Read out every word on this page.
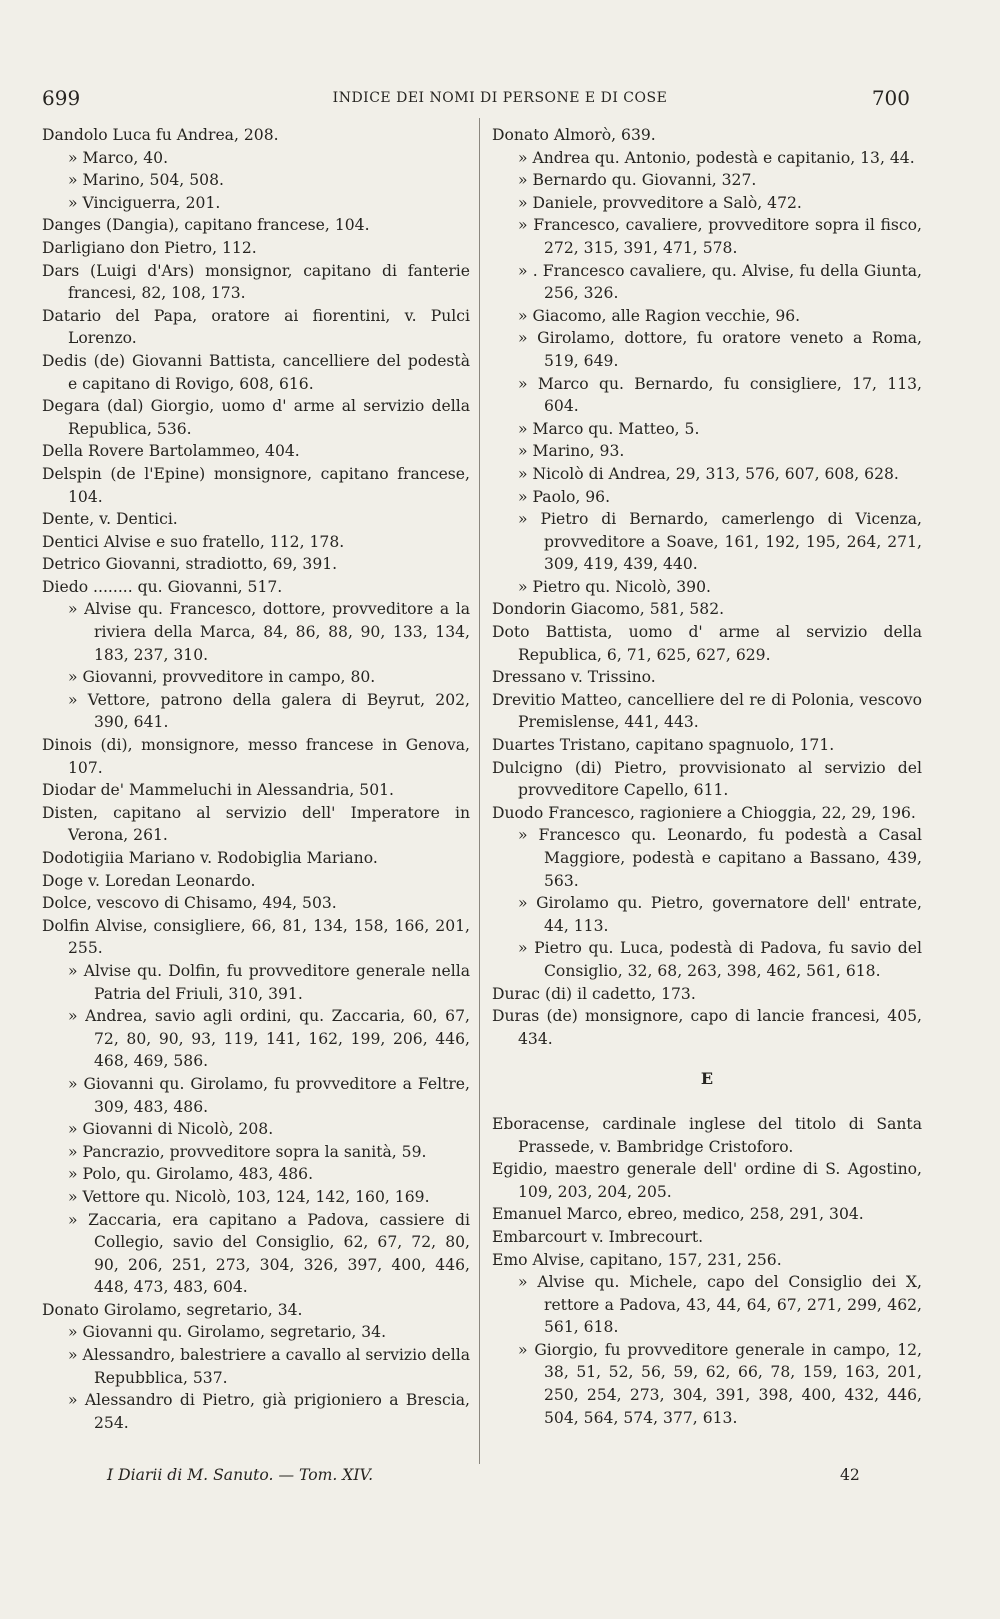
699	INDICE DEI NOMI DI PERSONE E DI COSE	700

Dandolo Luca fu Andrea, 208.

» Marco, 40.

» Marino, 504, 508.

» Vinciguerra, 201.

Danges (Dangia), capitano francese, 104.

Darligiano don Pietro, 112.

Dars (Luigi d'Ars) monsignor, capitano di fanterie francesi, 82, 108, 173.

Datario del Papa, oratore ai fiorentini, v. Pulci Lorenzo.

Dedis (de) Giovanni Battista, cancelliere del podestà e capitano di Rovigo, 608, 616.

Degara (dal) Giorgio, uomo d' arme al servizio della Republica, 536.

Della Rovere Bartolammeo, 404.

Delspin (de l'Epine) monsignore, capitano francese, 104.

Dente, v. Dentici.

Dentici Alvise e suo fratello, 112, 178.

Detrico Giovanni, stradiotto, 69, 391.

Diedo ........ qu. Giovanni, 517.

» Alvise qu. Francesco, dottore, provveditore a la riviera della Marca, 84, 86, 88, 90, 133, 134, 183, 237, 310.

» Giovanni, provveditore in campo, 80.

» Vettore, patrono della galera di Beyrut, 202, 390, 641.

Dinois (di), monsignore, messo francese in Genova, 107.

Diodar de' Mammeluchi in Alessandria, 501.

Disten, capitano al servizio dell' Imperatore in Verona, 261.

Dodotigiia Mariano v. Rodobiglia Mariano.

Doge v. Loredan Leonardo.

Dolce, vescovo di Chisamo, 494, 503.

Dolfin Alvise, consigliere, 66, 81, 134, 158, 166, 201, 255.

» Alvise qu. Dolfin, fu provveditore generale nella Patria del Friuli, 310, 391.

» Andrea, savio agli ordini, qu. Zaccaria, 60, 67, 72, 80, 90, 93, 119, 141, 162, 199, 206, 446, 468, 469, 586.

» Giovanni qu. Girolamo, fu provveditore a Feltre, 309, 483, 486.

» Giovanni di Nicolò, 208.

» Pancrazio, provveditore sopra la sanità, 59.

» Polo, qu. Girolamo, 483, 486.

» Vettore qu. Nicolò, 103, 124, 142, 160, 169.

» Zaccaria, era capitano a Padova, cassiere di Collegio, savio del Consiglio, 62, 67, 72, 80, 90, 206, 251, 273, 304, 326, 397, 400, 446, 448, 473, 483, 604.

Donato Girolamo, segretario, 34.

» Giovanni qu. Girolamo, segretario, 34.

» Alessandro, balestriere a cavallo al servizio della Repubblica, 537.

» Alessandro di Pietro, già prigioniero a Brescia, 254.

Donato Almorò, 639.

» Andrea qu. Antonio, podestà e capitanio, 13, 44.

» Bernardo qu. Giovanni, 327.

» Daniele, provveditore a Salò, 472.

» Francesco, cavaliere, provveditore sopra il fisco, 272, 315, 391, 471, 578.

» . Francesco cavaliere, qu. Alvise, fu della Giunta, 256, 326.

» Giacomo, alle Ragion vecchie, 96.

» Girolamo, dottore, fu oratore veneto a Roma, 519, 649.

» Marco qu. Bernardo, fu consigliere, 17, 113, 604.

» Marco qu. Matteo, 5.

» Marino, 93.

» Nicolò di Andrea, 29, 313, 576, 607, 608, 628.

» Paolo, 96.

» Pietro di Bernardo, camerlengo di Vicenza, provveditore a Soave, 161, 192, 195, 264, 271, 309, 419, 439, 440.

» Pietro qu. Nicolò, 390.

Dondorin Giacomo, 581, 582.

Doto Battista, uomo d' arme al servizio della Republica, 6, 71, 625, 627, 629.

Dressano v. Trissino.

Drevitio Matteo, cancelliere del re di Polonia, vescovo Premislense, 441, 443.

Duartes Tristano, capitano spagnuolo, 171.

Dulcigno (di) Pietro, provvisionato al servizio del provveditore Capello, 611.

Duodo Francesco, ragioniere a Chioggia, 22, 29, 196.

» Francesco qu. Leonardo, fu podestà a Casal Maggiore, podestà e capitano a Bassano, 439, 563.

» Girolamo qu. Pietro, governatore dell' entrate, 44, 113.

» Pietro qu. Luca, podestà di Padova, fu savio del Consiglio, 32, 68, 263, 398, 462, 561, 618.

Durac (di) il cadetto, 173.

Duras (de) monsignore, capo di lancie francesi, 405, 434.

E

Eboracense, cardinale inglese del titolo di Santa Prassede, v. Bambridge Cristoforo.

Egidio, maestro generale dell' ordine di S. Agostino, 109, 203, 204, 205.

Emanuel Marco, ebreo, medico, 258, 291, 304.

Embarcourt v. Imbrecourt.

Emo Alvise, capitano, 157, 231, 256.

» Alvise qu. Michele, capo del Consiglio dei X, rettore a Padova, 43, 44, 64, 67, 271, 299, 462, 561, 618.

» Giorgio, fu provveditore generale in campo, 12, 38, 51, 52, 56, 59, 62, 66, 78, 159, 163, 201, 250, 254, 273, 304, 391, 398, 400, 432, 446, 504, 564, 574, 377, 613.

I Diarii di M. Sanuto. — Tom. XIV.	42
